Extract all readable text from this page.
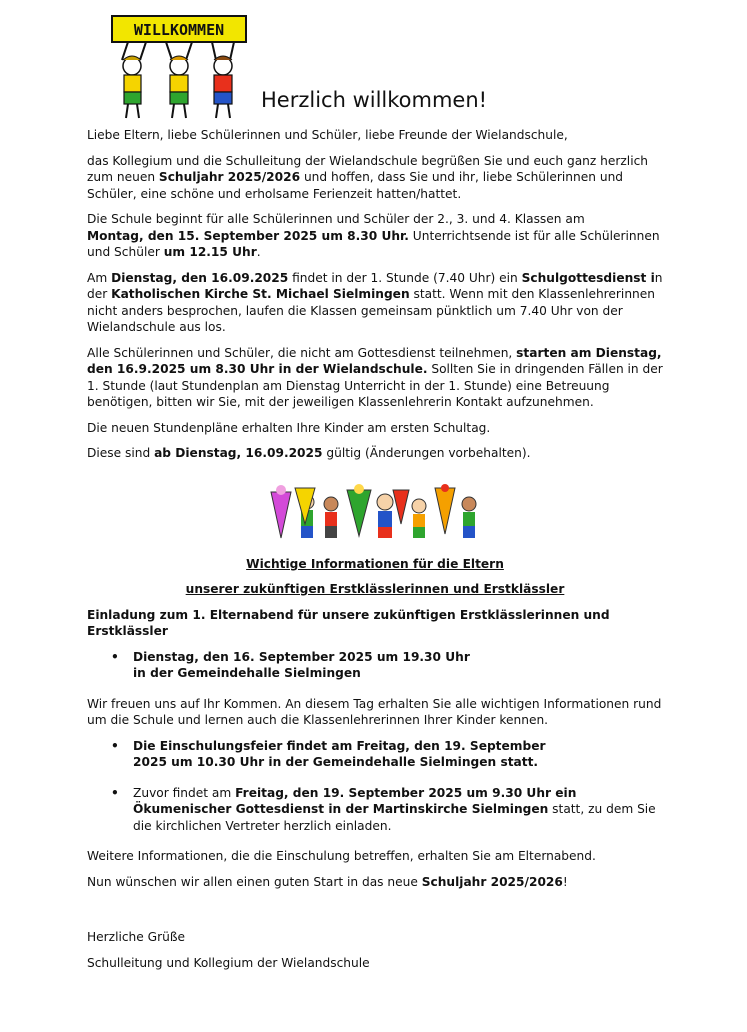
WILLKOMMEN
Herzlich willkommen!

Liebe Eltern, liebe Schülerinnen und Schüler, liebe Freunde der Wielandschule,

das Kollegium und die Schulleitung der Wielandschule begrüßen Sie und euch ganz herzlich zum neuen Schuljahr 2025/2026 und hoffen, dass Sie und ihr, liebe Schülerinnen und Schüler, eine schöne und erholsame Ferienzeit hatten/hattet.

Die Schule beginnt für alle Schülerinnen und Schüler der 2., 3. und 4. Klassen am
Montag, den 15. September 2025 um 8.30 Uhr. Unterrichtsende ist für alle Schülerinnen und Schüler um 12.15 Uhr.

Am Dienstag, den 16.09.2025 findet in der 1. Stunde (7.40 Uhr) ein Schulgottesdienst in der Katholischen Kirche St. Michael Sielmingen statt. Wenn mit den Klassenlehrerinnen nicht anders besprochen, laufen die Klassen gemeinsam pünktlich um 7.40 Uhr von der Wielandschule aus los.

Alle Schülerinnen und Schüler, die nicht am Gottesdienst teilnehmen, starten am Dienstag, den 16.9.2025 um 8.30 Uhr in der Wielandschule. Sollten Sie in dringenden Fällen in der 1. Stunde (laut Stundenplan am Dienstag Unterricht in der 1. Stunde) eine Betreuung benötigen, bitten wir Sie, mit der jeweiligen Klassenlehrerin Kontakt aufzunehmen.

Die neuen Stundenpläne erhalten Ihre Kinder am ersten Schultag.

Diese sind ab Dienstag, 16.09.2025 gültig (Änderungen vorbehalten).

Wichtige Informationen für die Eltern

unserer zukünftigen Erstklässlerinnen und Erstklässler

Einladung zum 1. Elternabend für unsere zukünftigen Erstklässlerinnen und Erstklässler

• Dienstag, den 16. September 2025 um 19.30 Uhr in der Gemeindehalle Sielmingen

Wir freuen uns auf Ihr Kommen. An diesem Tag erhalten Sie alle wichtigen Informationen rund um die Schule und lernen auch die Klassenlehrerinnen Ihrer Kinder kennen.

• Die Einschulungsfeier findet am Freitag, den 19. September 2025 um 10.30 Uhr in der Gemeindehalle Sielmingen statt.
• Zuvor findet am Freitag, den 19. September 2025 um 9.30 Uhr ein Ökumenischer Gottesdienst in der Martinskirche Sielmingen statt, zu dem Sie die kirchlichen Vertreter herzlich einladen.

Weitere Informationen, die die Einschulung betreffen, erhalten Sie am Elternabend.

Nun wünschen wir allen einen guten Start in das neue Schuljahr 2025/2026!

Herzliche Grüße

Schulleitung und Kollegium der Wielandschule
